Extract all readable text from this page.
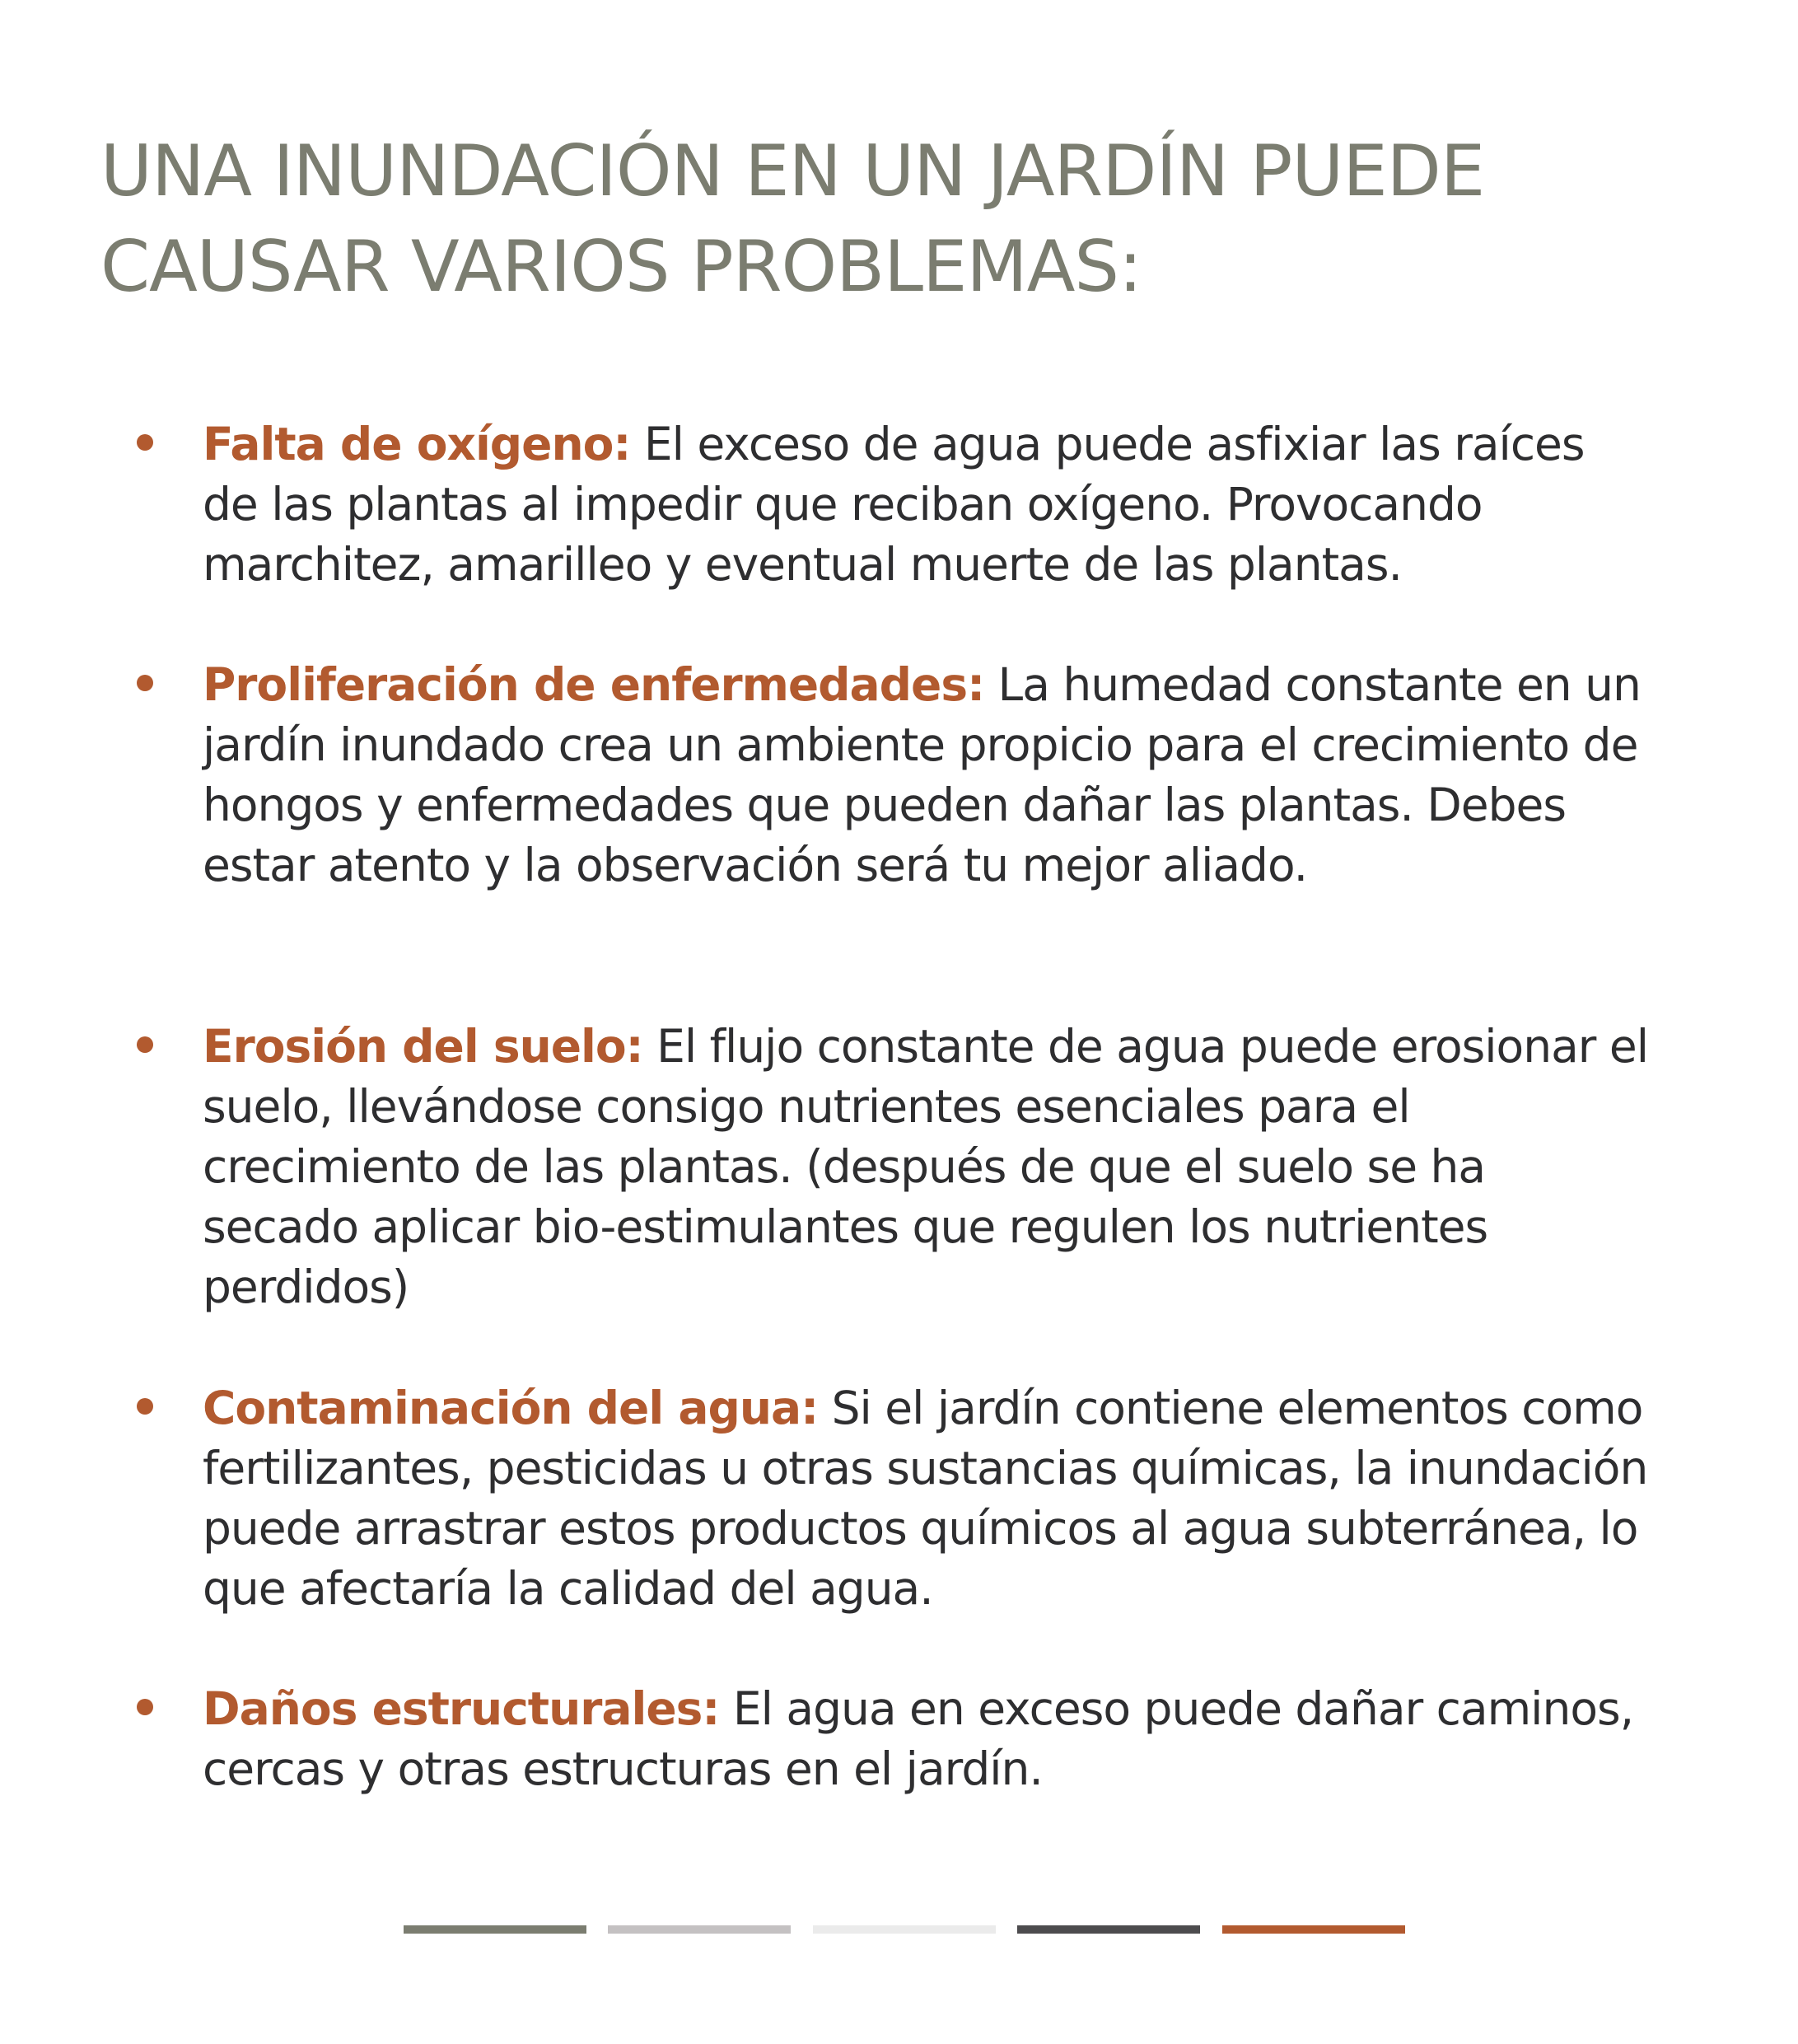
UNA INUNDACIÓN EN UN JARDÍN PUEDE CAUSAR VARIOS PROBLEMAS:
Falta de oxígeno: El exceso de agua puede asfixiar las raíces de las plantas al impedir que reciban oxígeno. Provocando marchitez, amarilleo y eventual muerte de las plantas.
Proliferación de enfermedades: La humedad constante en un jardín inundado crea un ambiente propicio para el crecimiento de hongos y enfermedades que pueden dañar las plantas. Debes estar atento y la observación será tu mejor aliado.
Erosión del suelo: El flujo constante de agua puede erosionar el suelo, llevándose consigo nutrientes esenciales para el crecimiento de las plantas. (después de que el suelo se ha secado aplicar bio-estimulantes que regulen los nutrientes perdidos)
Contaminación del agua: Si el jardín contiene elementos como fertilizantes, pesticidas u otras sustancias químicas, la inundación puede arrastrar estos productos químicos al agua subterránea, lo que afectaría la calidad del agua.
Daños estructurales: El agua en exceso puede dañar caminos, cercas y otras estructuras en el jardín.
